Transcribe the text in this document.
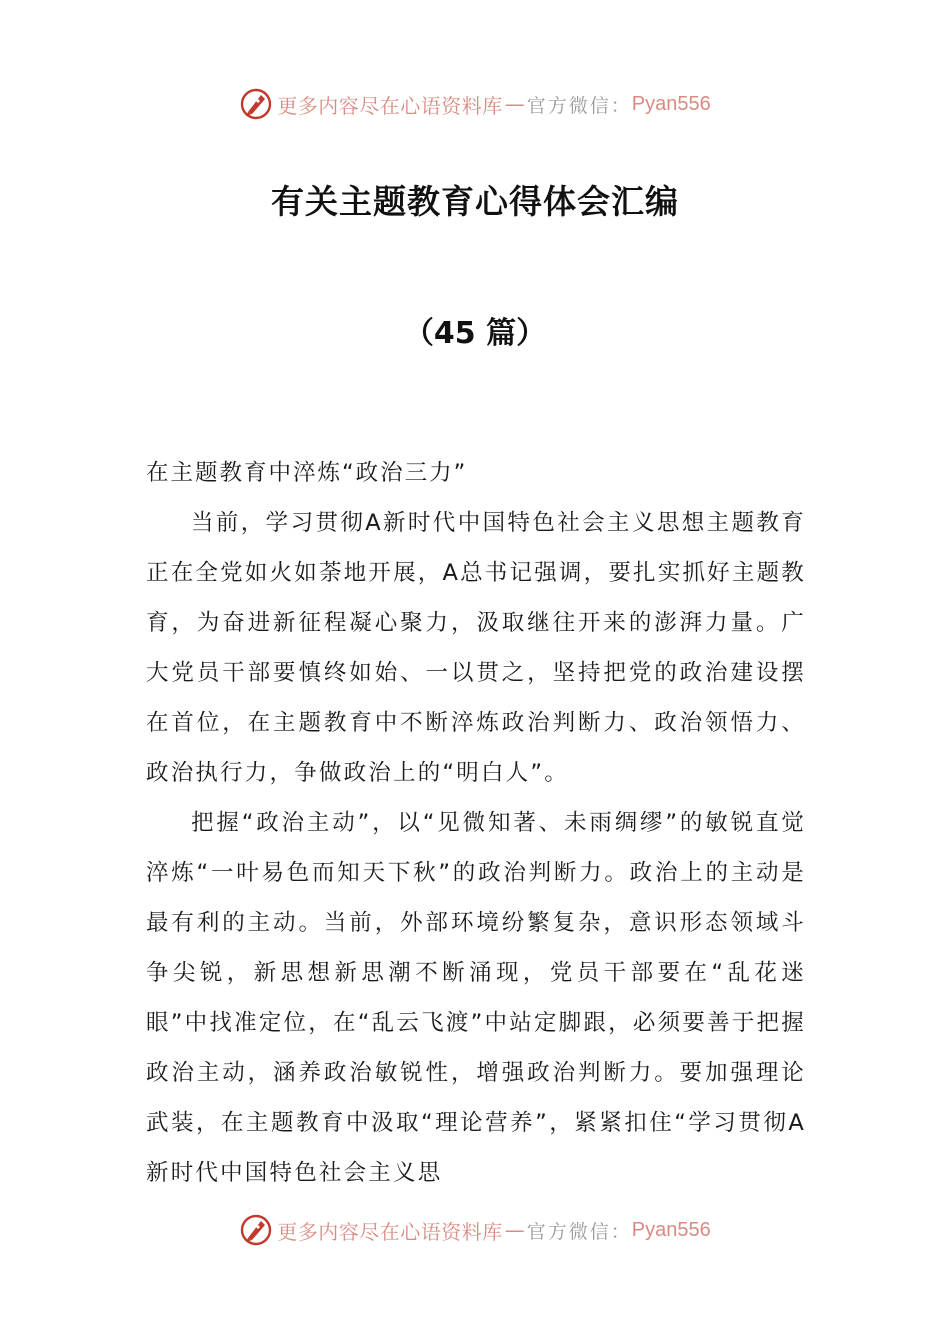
更多内容尽在心语资料库 — 官方微信： Pyan556
有关主题教育心得体会汇编
（45 篇）

在主题教育中淬炼“政治三力”

当前，学习贯彻A新时代中国特色社会主义思想主题教育正在全党如火如荼地开展，A总书记强调，要扎实抓好主题教育，为奋进新征程凝心聚力，汲取继往开来的澎湃力量。广大党员干部要慎终如始、一以贯之，坚持把党的政治建设摆在首位，在主题教育中不断淬炼政治判断力、政治领悟力、政治执行力，争做政治上的“明白人”。

把握“政治主动”，以“见微知著、未雨绸缪”的敏锐直觉淬炼“一叶易色而知天下秋”的政治判断力。政治上的主动是最有利的主动。当前，外部环境纷繁复杂，意识形态领域斗争尖锐，新思想新思潮不断涌现，党员干部要在“乱花迷眼”中找准定位，在“乱云飞渡”中站定脚跟，必须要善于把握政治主动，涵养政治敏锐性，增强政治判断力。要加强理论武装，在主题教育中汲取“理论营养”，紧紧扣住“学习贯彻A新时代中国特色社会主义思

更多内容尽在心语资料库 — 官方微信： Pyan556
